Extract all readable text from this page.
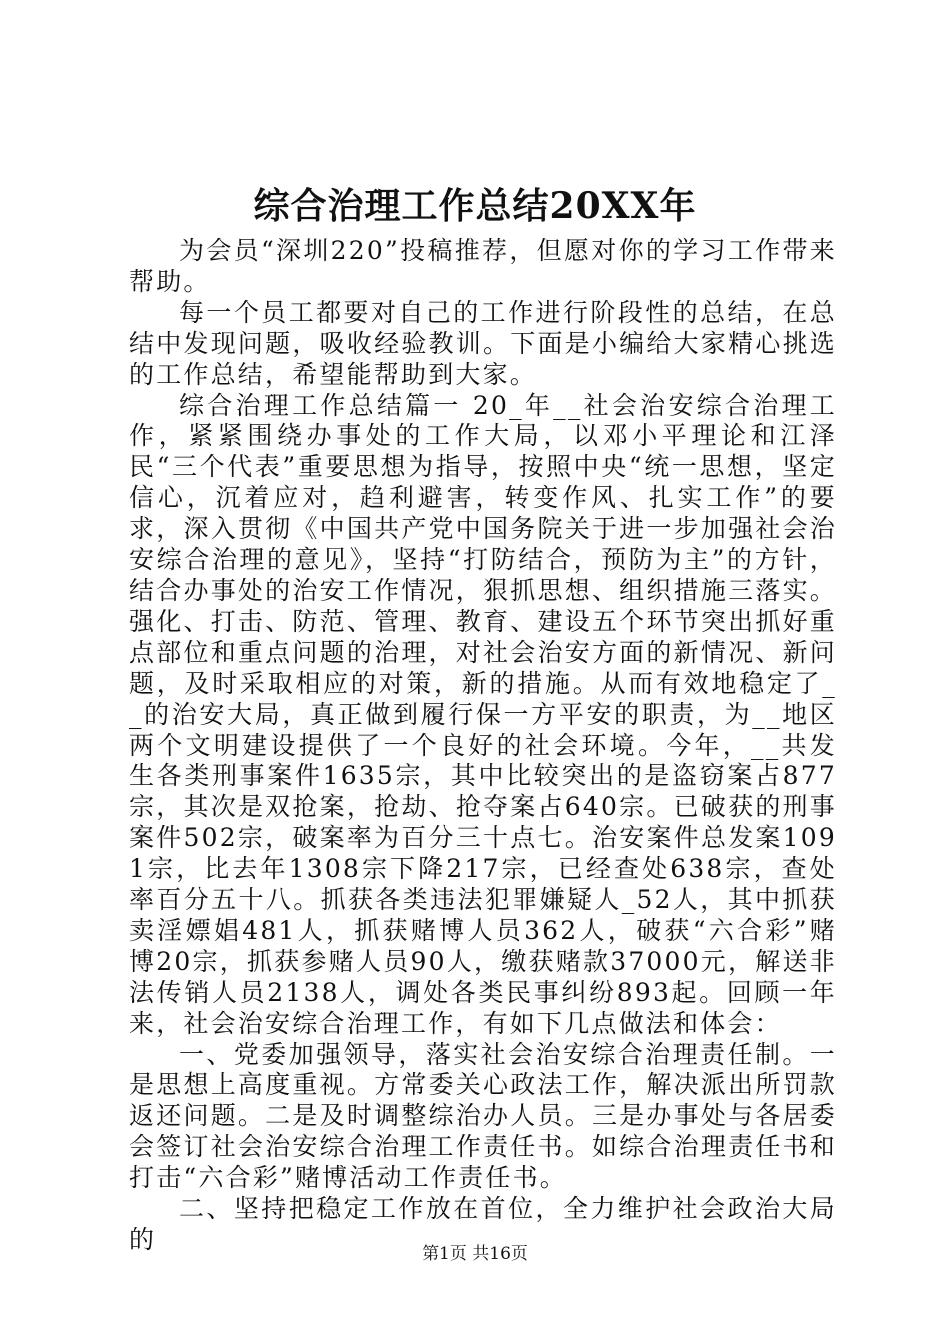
综合治理工作总结20XX年

为会员“深圳220”投稿推荐，但愿对你的学习工作带来帮助。

每一个员工都要对自己的工作进行阶段性的总结，在总结中发现问题，吸收经验教训。下面是小编给大家精心挑选的工作总结，希望能帮助到大家。

综合治理工作总结篇一 20_年__社会治安综合治理工作，紧紧围绕办事处的工作大局，以邓小平理论和江泽民“三个代表”重要思想为指导，按照中央“统一思想，坚定信心，沉着应对，趋利避害，转变作风、扎实工作”的要求，深入贯彻《中国共产党中国务院关于进一步加强社会治安综合治理的意见》，坚持“打防结合，预防为主”的方针，结合办事处的治安工作情况，狠抓思想、组织措施三落实。强化、打击、防范、管理、教育、建设五个环节突出抓好重点部位和重点问题的治理，对社会治安方面的新情况、新问题，及时采取相应的对策，新的措施。从而有效地稳定了__的治安大局，真正做到履行保一方平安的职责，为__地区两个文明建设提供了一个良好的社会环境。今年，__共发生各类刑事案件1635宗，其中比较突出的是盗窃案占877宗，其次是双抢案，抢劫、抢夺案占640宗。已破获的刑事案件502宗，破案率为百分三十点七。治安案件总发案1091宗，比去年1308宗下降217宗，已经查处638宗，查处率百分五十八。抓获各类违法犯罪嫌疑人_52人，其中抓获卖淫嫖娼481人，抓获赌博人员362人，破获“六合彩”赌博20宗，抓获参赌人员90人，缴获赌款37000元，解送非法传销人员2138人，调处各类民事纠纷893起。回顾一年来，社会治安综合治理工作，有如下几点做法和体会：

一、党委加强领导，落实社会治安综合治理责任制。一是思想上高度重视。方常委关心政法工作，解决派出所罚款返还问题。二是及时调整综治办人员。三是办事处与各居委会签订社会治安综合治理工作责任书。如综合治理责任书和打击“六合彩”赌博活动工作责任书。

二、坚持把稳定工作放在首位，全力维护社会政治大局的	第1页 共16页
